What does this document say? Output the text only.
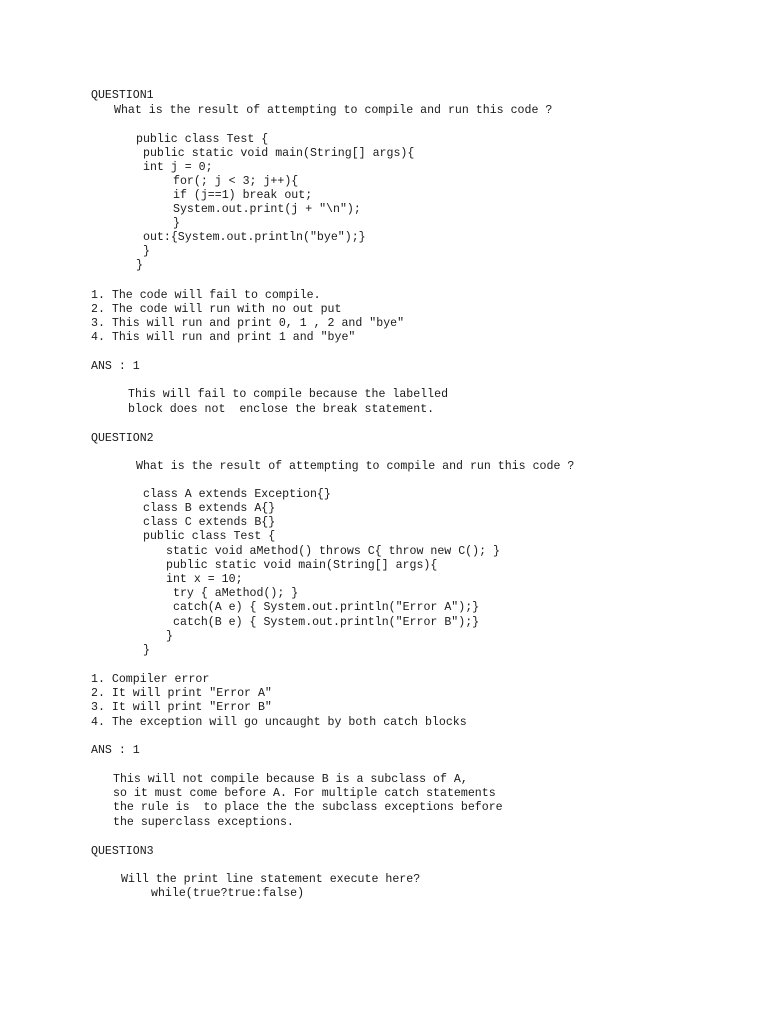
QUESTION1
What is the result of attempting to compile and run this code ?
public class Test {
public static void main(String[] args){
int j = 0;
for(; j < 3; j++){
if (j==1) break out;
System.out.print(j + "\n");
}
out:{System.out.println("bye");}
}
}
1. The code will fail to compile.
2. The code will run with no out put
3. This will run and print 0, 1 , 2 and "bye"
4. This will run and print 1 and "bye"
ANS : 1
This will fail to compile because the labelled
block does not  enclose the break statement.
QUESTION2
What is the result of attempting to compile and run this code ?
class A extends Exception{}
class B extends A{}
class C extends B{}
public class Test {
static void aMethod() throws C{ throw new C(); }
public static void main(String[] args){
int x = 10;
try { aMethod(); }
catch(A e) { System.out.println("Error A");}
catch(B e) { System.out.println("Error B");}
}
}
1. Compiler error
2. It will print "Error A"
3. It will print "Error B"
4. The exception will go uncaught by both catch blocks
ANS : 1
This will not compile because B is a subclass of A,
so it must come before A. For multiple catch statements
the rule is  to place the the subclass exceptions before
the superclass exceptions.
QUESTION3
Will the print line statement execute here?
while(true?true:false)
